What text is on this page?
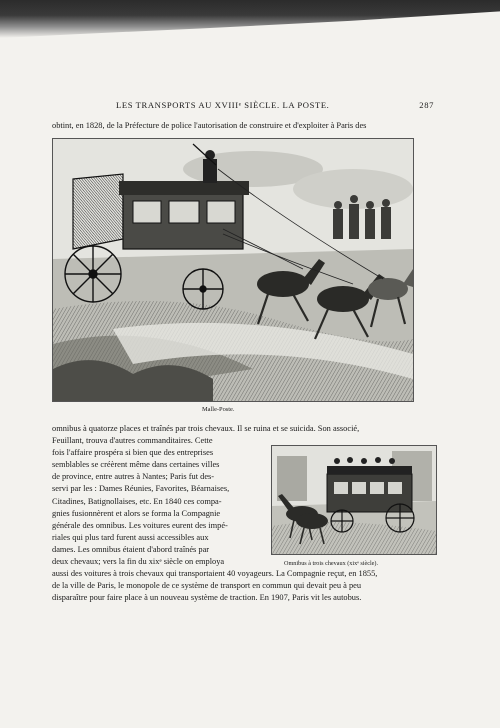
LES TRANSPORTS AU XVIIIᵉ SIÈCLE. LA POSTE.	287
obtint, en 1828, de la Préfecture de police l'autorisation de construire et d'exploiter à Paris des
Malle-Poste.
Omnibus à trois chevaux (xixᵉ siècle).
omnibus à quatorze places et traînés par trois chevaux. Il se ruina et se suicida. Son associé,
Feuillant, trouva d'autres commanditaires. Cette
fois l'affaire prospéra si bien que des entreprises
semblables se créèrent même dans certaines villes
de province, entre autres à Nantes; Paris fut des-
servi par les : Dames Réunies, Favorites, Béarnaises,
Citadines, Batignollaises, etc. En 1840 ces compa-
gnies fusionnèrent et alors se forma la Compagnie
générale des omnibus. Les voitures eurent des impé-
riales qui plus tard furent aussi accessibles aux
dames. Les omnibus étaient d'abord traînés par
deux chevaux; vers la fin du xixᵉ siècle on employa
aussi des voitures à trois chevaux qui transportaient 40 voyageurs. La Compagnie reçut, en 1855,
de la ville de Paris, le monopole de ce système de transport en commun qui devait peu à peu
disparaître pour faire place à un nouveau système de traction. En 1907, Paris vit les autobus.
